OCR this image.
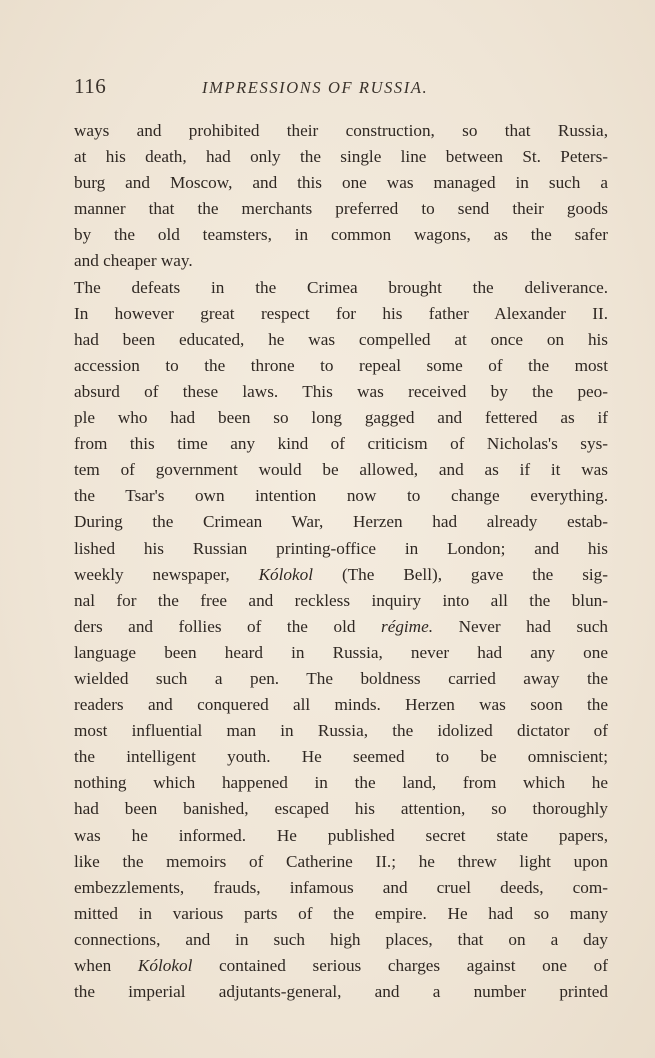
116	IMPRESSIONS OF RUSSIA.
ways and prohibited their construction, so that Russia,
at his death, had only the single line between St. Peters-
burg and Moscow, and this one was managed in such a
manner that the merchants preferred to send their goods
by the old teamsters, in common wagons, as the safer
and cheaper way.
The defeats in the Crimea brought the deliverance.
In however great respect for his father Alexander II.
had been educated, he was compelled at once on his
accession to the throne to repeal some of the most
absurd of these laws. This was received by the peo-
ple who had been so long gagged and fettered as if
from this time any kind of criticism of Nicholas's sys-
tem of government would be allowed, and as if it was
the Tsar's own intention now to change everything.
During the Crimean War, Herzen had already estab-
lished his Russian printing-office in London; and his
weekly newspaper, Kólokol (The Bell), gave the sig-
nal for the free and reckless inquiry into all the blun-
ders and follies of the old régime. Never had such
language been heard in Russia, never had any one
wielded such a pen. The boldness carried away the
readers and conquered all minds. Herzen was soon the
most influential man in Russia, the idolized dictator of
the intelligent youth. He seemed to be omniscient;
nothing which happened in the land, from which he
had been banished, escaped his attention, so thoroughly
was he informed. He published secret state papers,
like the memoirs of Catherine II.; he threw light upon
embezzlements, frauds, infamous and cruel deeds, com-
mitted in various parts of the empire. He had so many
connections, and in such high places, that on a day
when Kólokol contained serious charges against one of
the imperial adjutants-general, and a number printed
